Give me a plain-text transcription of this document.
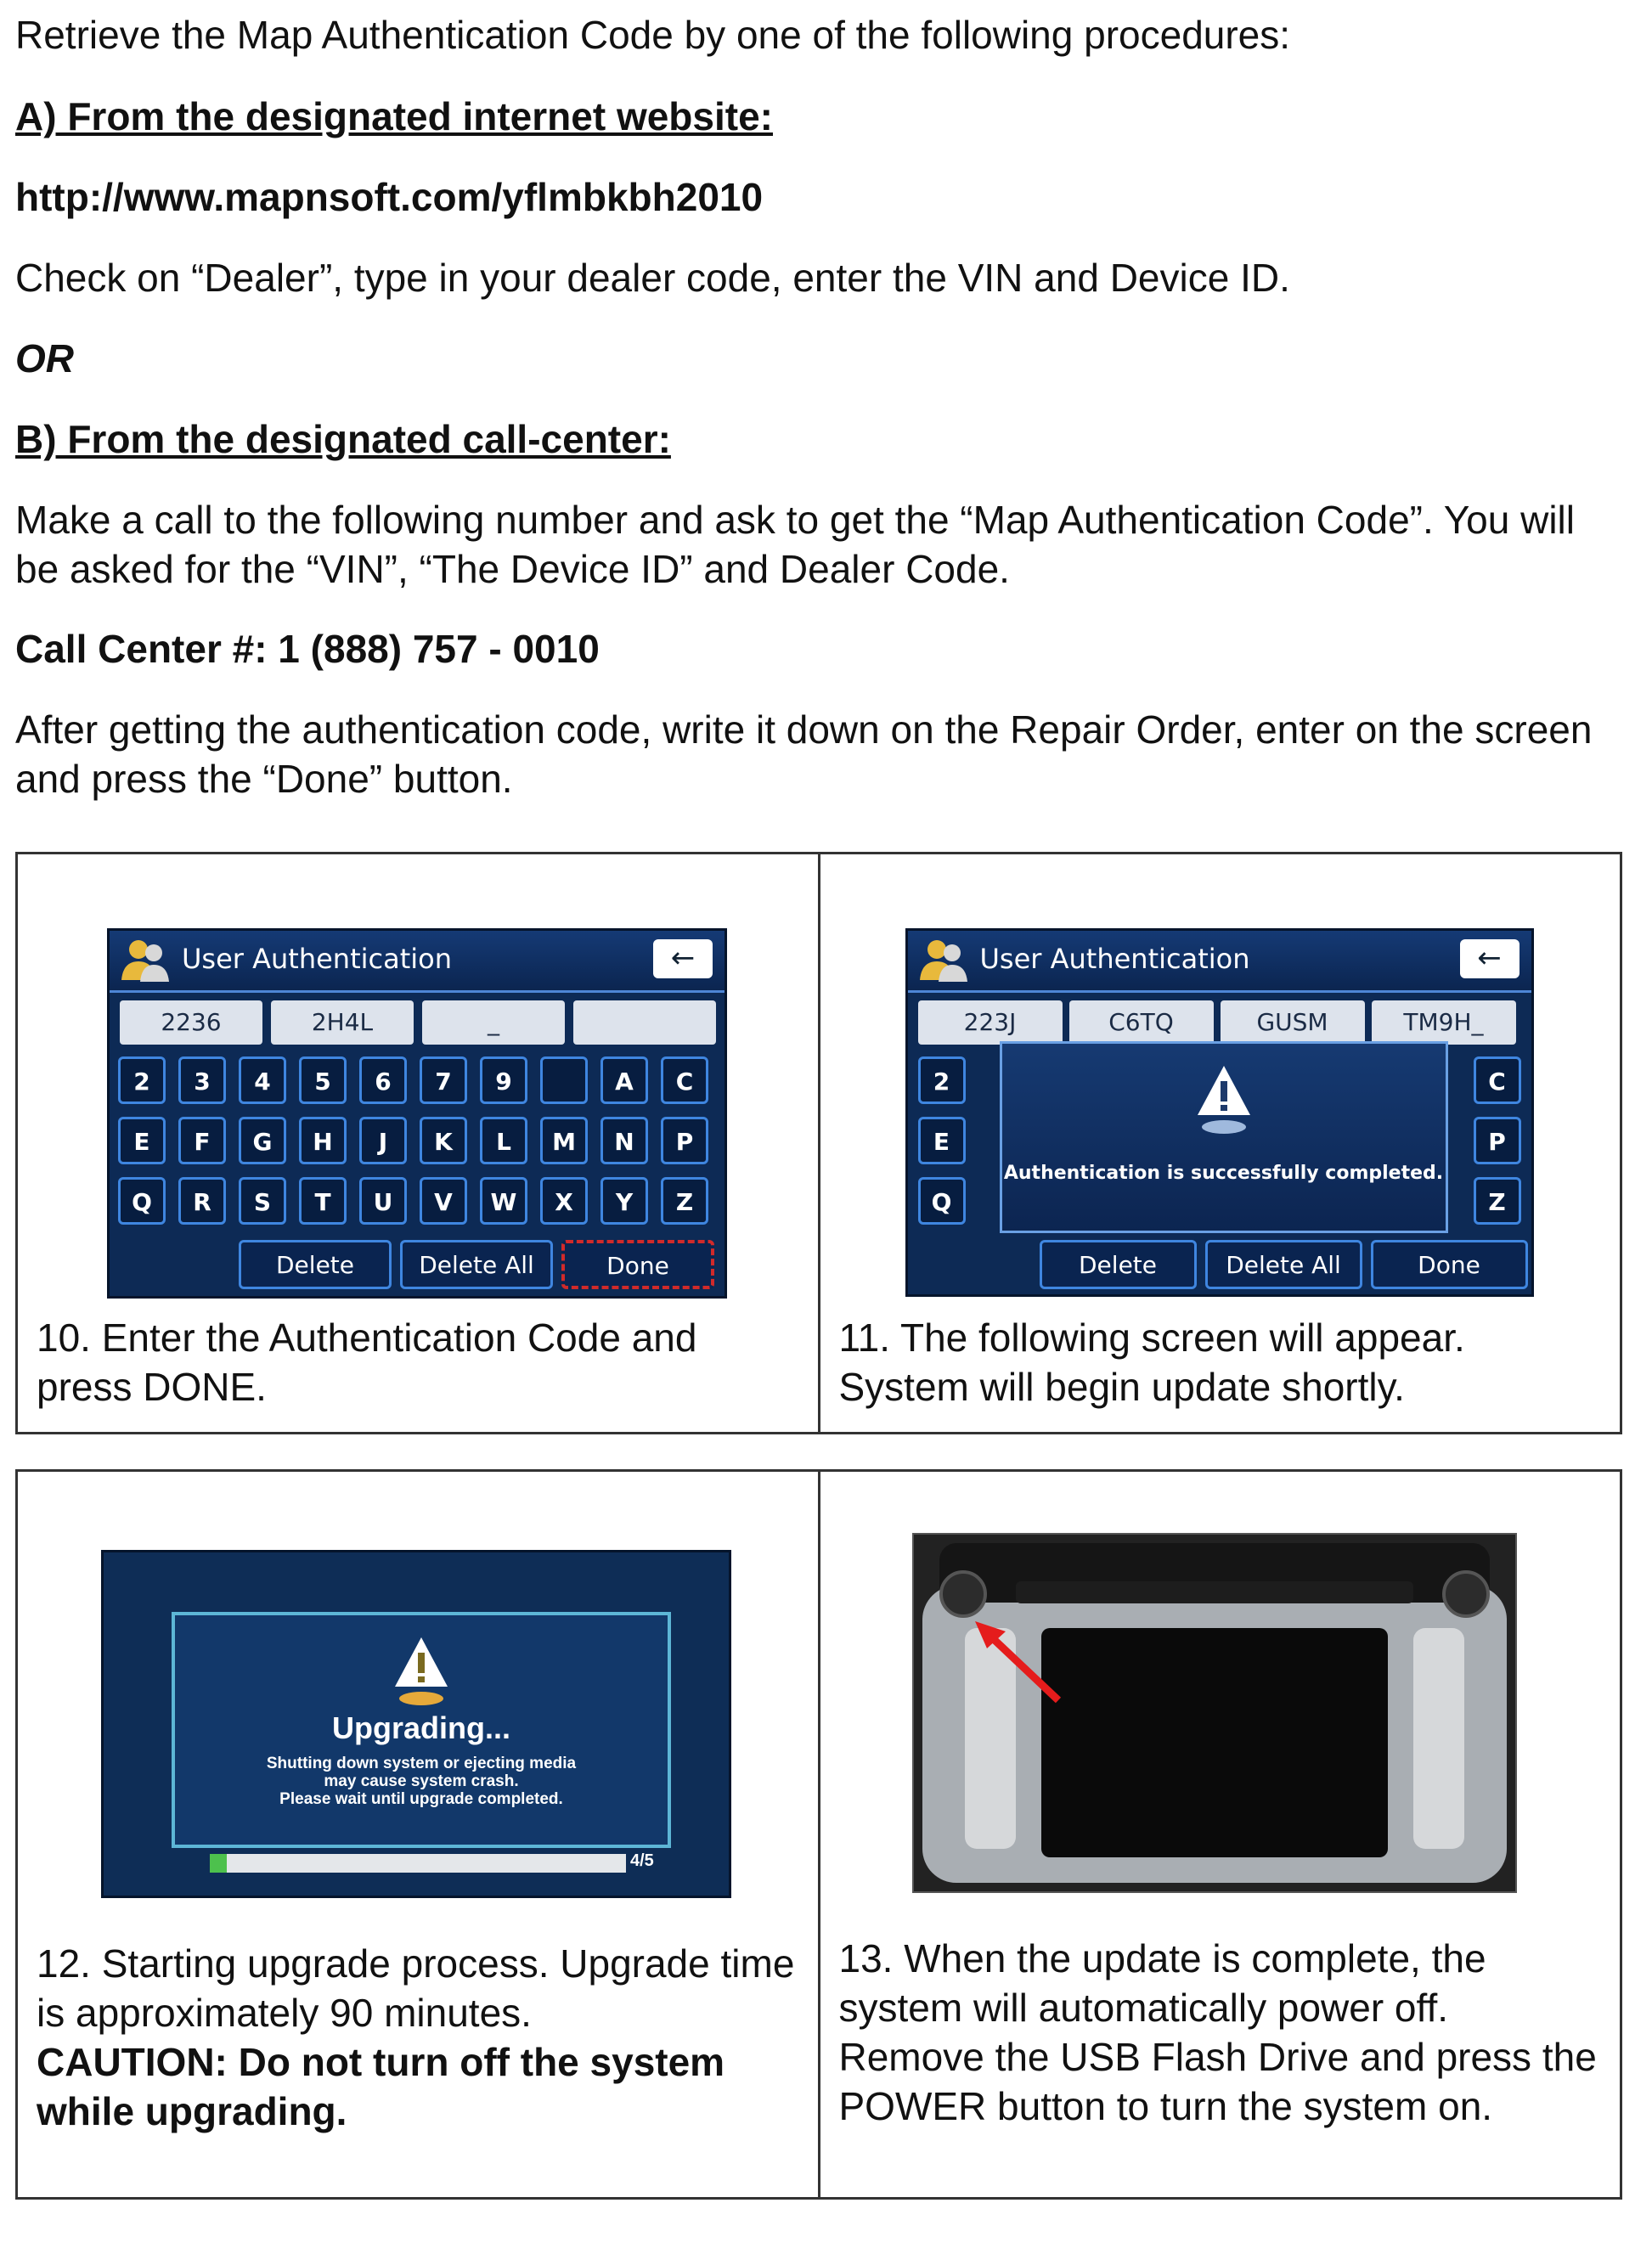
Retrieve the Map Authentication Code by one of the following procedures:

A) From the designated internet website:

http://www.mapnsoft.com/yflmbkbh2010

Check on “Dealer”, type in your dealer code, enter the VIN and Device ID.

OR

B) From the designated call-center:

Make a call to the following number and ask to get the “Map Authentication Code”. You will be asked for the “VIN”, “The Device ID” and Dealer Code.

Call Center #: 1 (888) 757 - 0010

After getting the authentication code, write it down on the Repair Order, enter on the screen and press the “Done” button.

User Authentication	←
2236	2H4L	_
2	3	4	5	6	7	9	A	C
E	F	G	H	J	K	L	M	N	P
Q	R	S	T	U	V	W	X	Y	Z
Delete	Delete All	Done

10. Enter the Authentication Code and press DONE.

User Authentication	←
223J	C6TQ	GUSM	TM9H_
2
E
Q
C
P
Z
Authentication is successfully completed.
Delete	Delete All	Done

11. The following screen will appear. System will begin update shortly.

Upgrading...
Shutting down system or ejecting media
may cause system crash.
Please wait until upgrade completed.
4/5

12. Starting upgrade process. Upgrade time is approximately 90 minutes.
CAUTION: Do not turn off the system while upgrading.

13. When the update is complete, the system will automatically power off. Remove the USB Flash Drive and press the POWER button to turn the system on.
